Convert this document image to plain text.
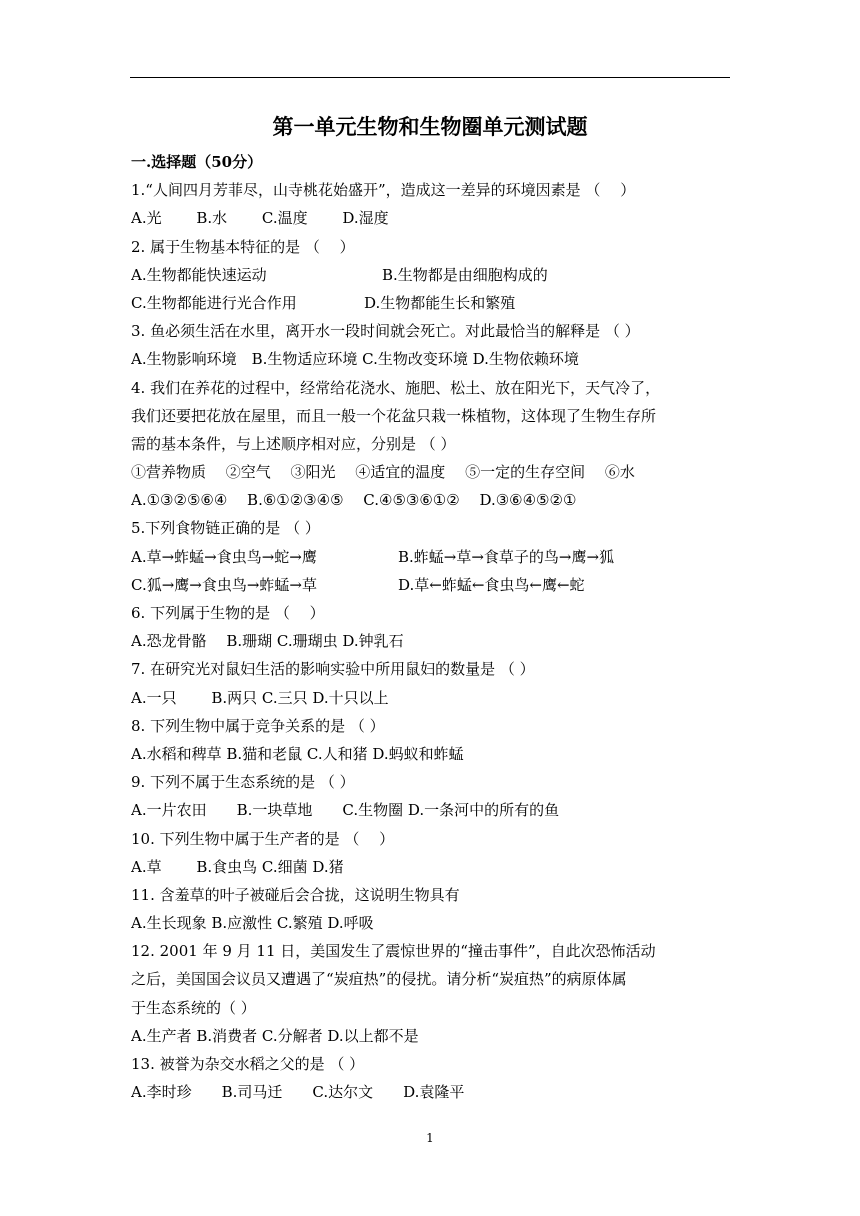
第一单元生物和生物圈单元测试题
一.选择题（50分）
1.“人间四月芳菲尽，山寺桃花始盛开”，造成这一差异的环境因素是 （　 ）
A.光　　 B.水　　 C.温度　　 D.湿度
2. 属于生物基本特征的是 （　 ）
A.生物都能快速运动	B.生物都是由细胞构成的
C.生物都能进行光合作用	D.生物都能生长和繁殖
3. 鱼必须生活在水里，离开水一段时间就会死亡。对此最恰当的解释是 （ ）
A.生物影响环境　B.生物适应环境 C.生物改变环境 D.生物依赖环境
4. 我们在养花的过程中，经常给花浇水、施肥、松土、放在阳光下，天气冷了，
我们还要把花放在屋里，而且一般一个花盆只栽一株植物，这体现了生物生存所
需的基本条件，与上述顺序相对应，分别是 （ ）
①营养物质　 ②空气　 ③阳光　 ④适宜的温度　 ⑤一定的生存空间　 ⑥水
A.①③②⑤⑥④　 B.⑥①②③④⑤　 C.④⑤③⑥①②　 D.③⑥④⑤②①
5.下列食物链正确的是 （ ）
A.草→蚱蜢→食虫鸟→蛇→鹰	B.蚱蜢→草→食草子的鸟→鹰→狐
C.狐→鹰→食虫鸟→蚱蜢→草	D.草←蚱蜢←食虫鸟←鹰←蛇
6. 下列属于生物的是 （　 ）
A.恐龙骨骼　 B.珊瑚 C.珊瑚虫 D.钟乳石
7. 在研究光对鼠妇生活的影响实验中所用鼠妇的数量是 （ ）
A.一只　　 B.两只 C.三只 D.十只以上
8. 下列生物中属于竞争关系的是 （ ）
A.水稻和稗草 B.猫和老鼠 C.人和猪 D.蚂蚁和蚱蜢
9. 下列不属于生态系统的是 （ ）
A.一片农田　　B.一块草地　　C.生物圈 D.一条河中的所有的鱼
10. 下列生物中属于生产者的是 （　 ）
A.草　　 B.食虫鸟 C.细菌 D.猪
11. 含羞草的叶子被碰后会合拢，这说明生物具有
A.生长现象 B.应激性 C.繁殖 D.呼吸
12. 2001 年 9 月 11 日，美国发生了震惊世界的“撞击事件”，自此次恐怖活动
之后，美国国会议员又遭遇了“炭疽热”的侵扰。请分析“炭疽热”的病原体属
于生态系统的（ ）
A.生产者 B.消费者 C.分解者 D.以上都不是
13. 被誉为杂交水稻之父的是 （ ）
A.李时珍　　B.司马迁　　C.达尔文　　D.袁隆平
1
